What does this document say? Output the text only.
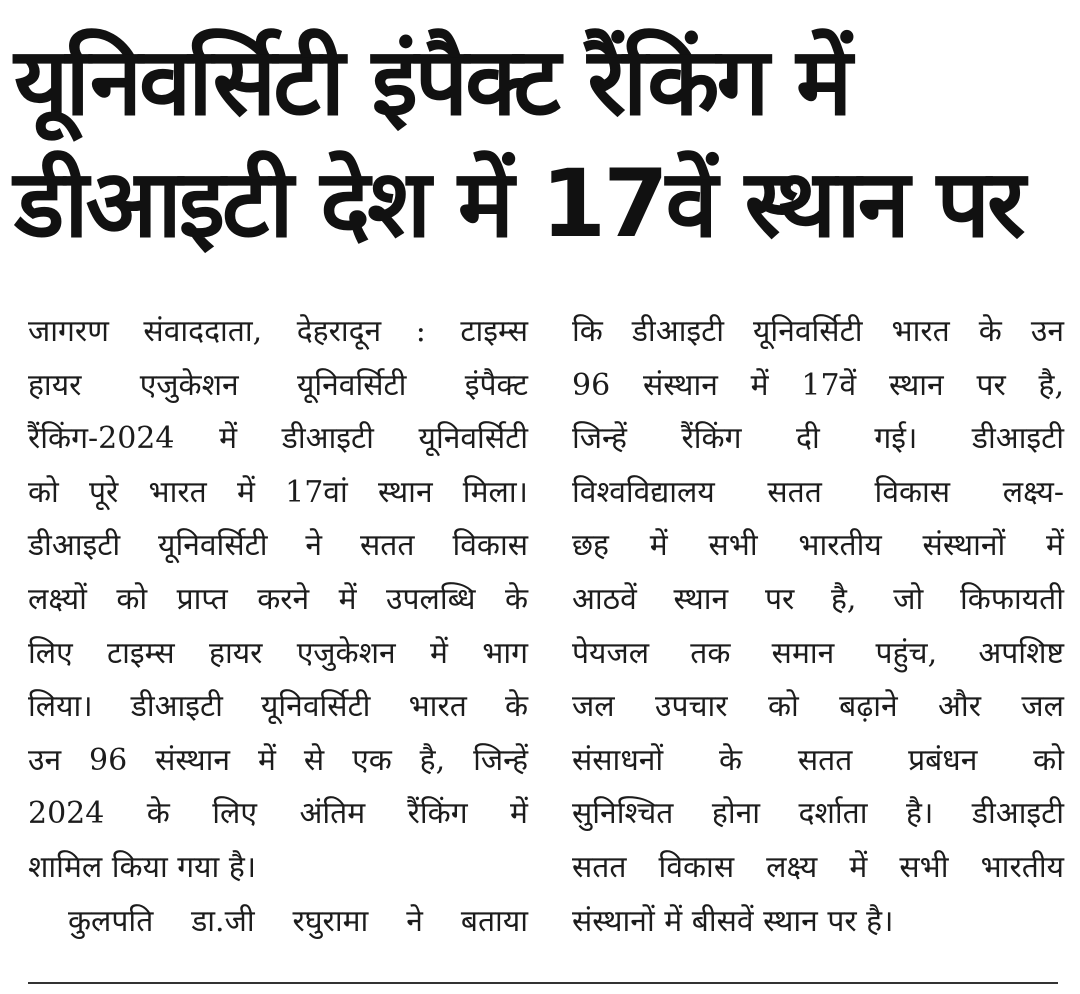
यूनिवर्सिटी इंपैक्ट रैंकिंग में
डीआइटी देश में 17वें स्थान पर
जागरण संवाददाता, देहरादून : टाइम्स
हायर एजुकेशन यूनिवर्सिटी इंपैक्ट
रैंकिंग-2024 में डीआइटी यूनिवर्सिटी
को पूरे भारत में 17वां स्थान मिला।
डीआइटी यूनिवर्सिटी ने सतत विकास
लक्ष्यों को प्राप्त करने में उपलब्धि के
लिए टाइम्स हायर एजुकेशन में भाग
लिया। डीआइटी यूनिवर्सिटी भारत के
उन 96 संस्थान में से एक है, जिन्हें
2024 के लिए अंतिम रैंकिंग में
शामिल किया गया है।
कुलपति डा.जी रघुरामा ने बताया
कि डीआइटी यूनिवर्सिटी भारत के उन
96 संस्थान में 17वें स्थान पर है,
जिन्हें रैंकिंग दी गई। डीआइटी
विश्वविद्यालय सतत विकास लक्ष्य-
छह में सभी भारतीय संस्थानों में
आठवें स्थान पर है, जो किफायती
पेयजल तक समान पहुंच, अपशिष्ट
जल उपचार को बढ़ाने और जल
संसाधनों के सतत प्रबंधन को
सुनिश्चित होना दर्शाता है। डीआइटी
सतत विकास लक्ष्य में सभी भारतीय
संस्थानों में बीसवें स्थान पर है।
